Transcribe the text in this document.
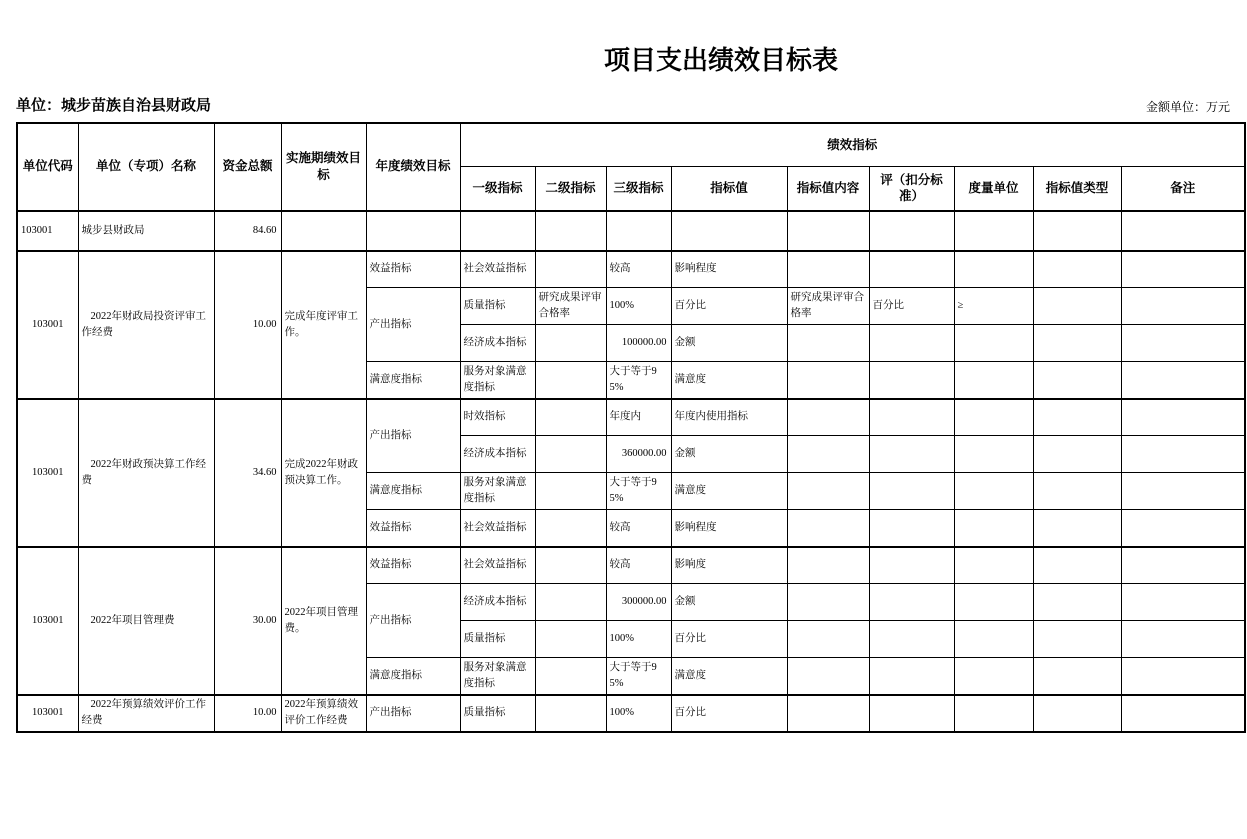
项目支出绩效目标表
单位：城步苗族自治县财政局	金额单位：万元
单位代码	单位（专项）名称	资金总额	实施期绩效目标	年度绩效目标	绩效指标								
					一级指标	二级指标	三级指标	指标值	指标值内容	评（扣分标准）	度量单位	指标值类型	备注
103001	城步县财政局	84.60											
103001	2022年财政局投资评审工作经费	10.00	完成年度评审工作。	效益指标	社会效益指标		较高	影响程度					
				产出指标	质量指标	研究成果评审合格率	100%	百分比	研究成果评审合格率	百分比	≥		
					经济成本指标		100000.00	金额					
				满意度指标	服务对象满意度指标		大于等于95%	满意度					
103001	2022年财政预决算工作经费	34.60	完成2022年财政预决算工作。	产出指标	时效指标		年度内	年度内使用指标					
					经济成本指标		360000.00	金额					
				满意度指标	服务对象满意度指标		大于等于95%	满意度					
				效益指标	社会效益指标		较高	影响程度					
103001	2022年项目管理费	30.00	2022年项目管理费。	效益指标	社会效益指标		较高	影响度					
				产出指标	经济成本指标		300000.00	金额					
					质量指标		100%	百分比					
				满意度指标	服务对象满意度指标		大于等于95%	满意度					
103001	2022年预算绩效评价工作经费	10.00	2022年预算绩效评价工作经费	产出指标	质量指标		100%	百分比					
